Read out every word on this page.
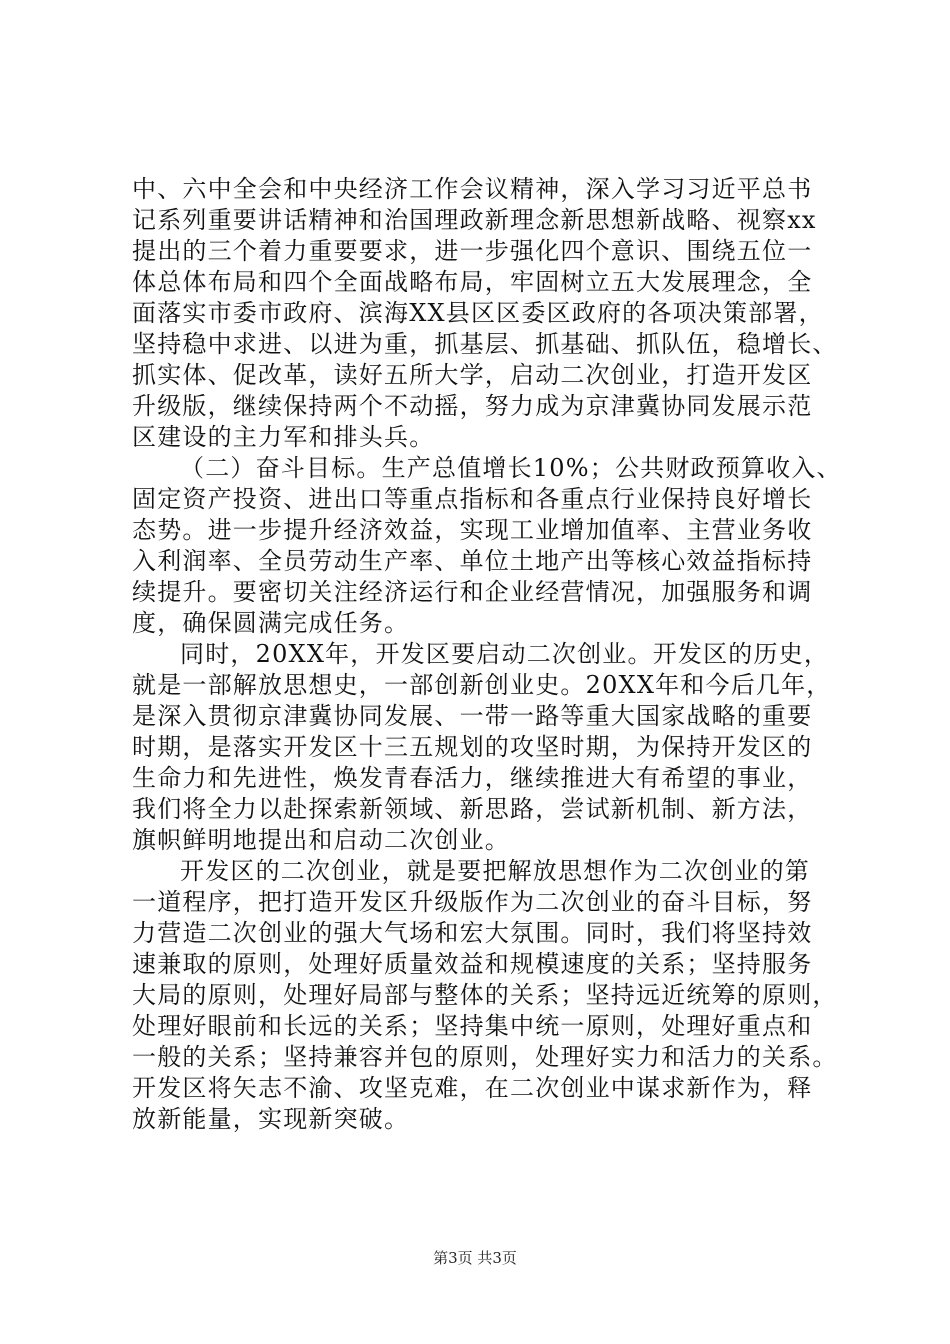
中、六中全会和中央经济工作会议精神，深入学习习近平总书
记系列重要讲话精神和治国理政新理念新思想新战略、视察xx
提出的三个着力重要要求，进一步强化四个意识、围绕五位一
体总体布局和四个全面战略布局，牢固树立五大发展理念，全
面落实市委市政府、滨海XX县区区委区政府的各项决策部署，
坚持稳中求进、以进为重，抓基层、抓基础、抓队伍，稳增长、
抓实体、促改革，读好五所大学，启动二次创业，打造开发区
升级版，继续保持两个不动摇，努力成为京津冀协同发展示范
区建设的主力军和排头兵。
（二）奋斗目标。生产总值增长10%；公共财政预算收入、
固定资产投资、进出口等重点指标和各重点行业保持良好增长
态势。进一步提升经济效益，实现工业增加值率、主营业务收
入利润率、全员劳动生产率、单位土地产出等核心效益指标持
续提升。要密切关注经济运行和企业经营情况，加强服务和调
度，确保圆满完成任务。
同时，20XX年，开发区要启动二次创业。开发区的历史，
就是一部解放思想史，一部创新创业史。20XX年和今后几年，
是深入贯彻京津冀协同发展、一带一路等重大国家战略的重要
时期，是落实开发区十三五规划的攻坚时期，为保持开发区的
生命力和先进性，焕发青春活力，继续推进大有希望的事业，
我们将全力以赴探索新领域、新思路，尝试新机制、新方法，
旗帜鲜明地提出和启动二次创业。
开发区的二次创业，就是要把解放思想作为二次创业的第
一道程序，把打造开发区升级版作为二次创业的奋斗目标，努
力营造二次创业的强大气场和宏大氛围。同时，我们将坚持效
速兼取的原则，处理好质量效益和规模速度的关系；坚持服务
大局的原则，处理好局部与整体的关系；坚持远近统筹的原则，
处理好眼前和长远的关系；坚持集中统一原则，处理好重点和
一般的关系；坚持兼容并包的原则，处理好实力和活力的关系。
开发区将矢志不渝、攻坚克难，在二次创业中谋求新作为，释
放新能量，实现新突破。
第3页 共3页
